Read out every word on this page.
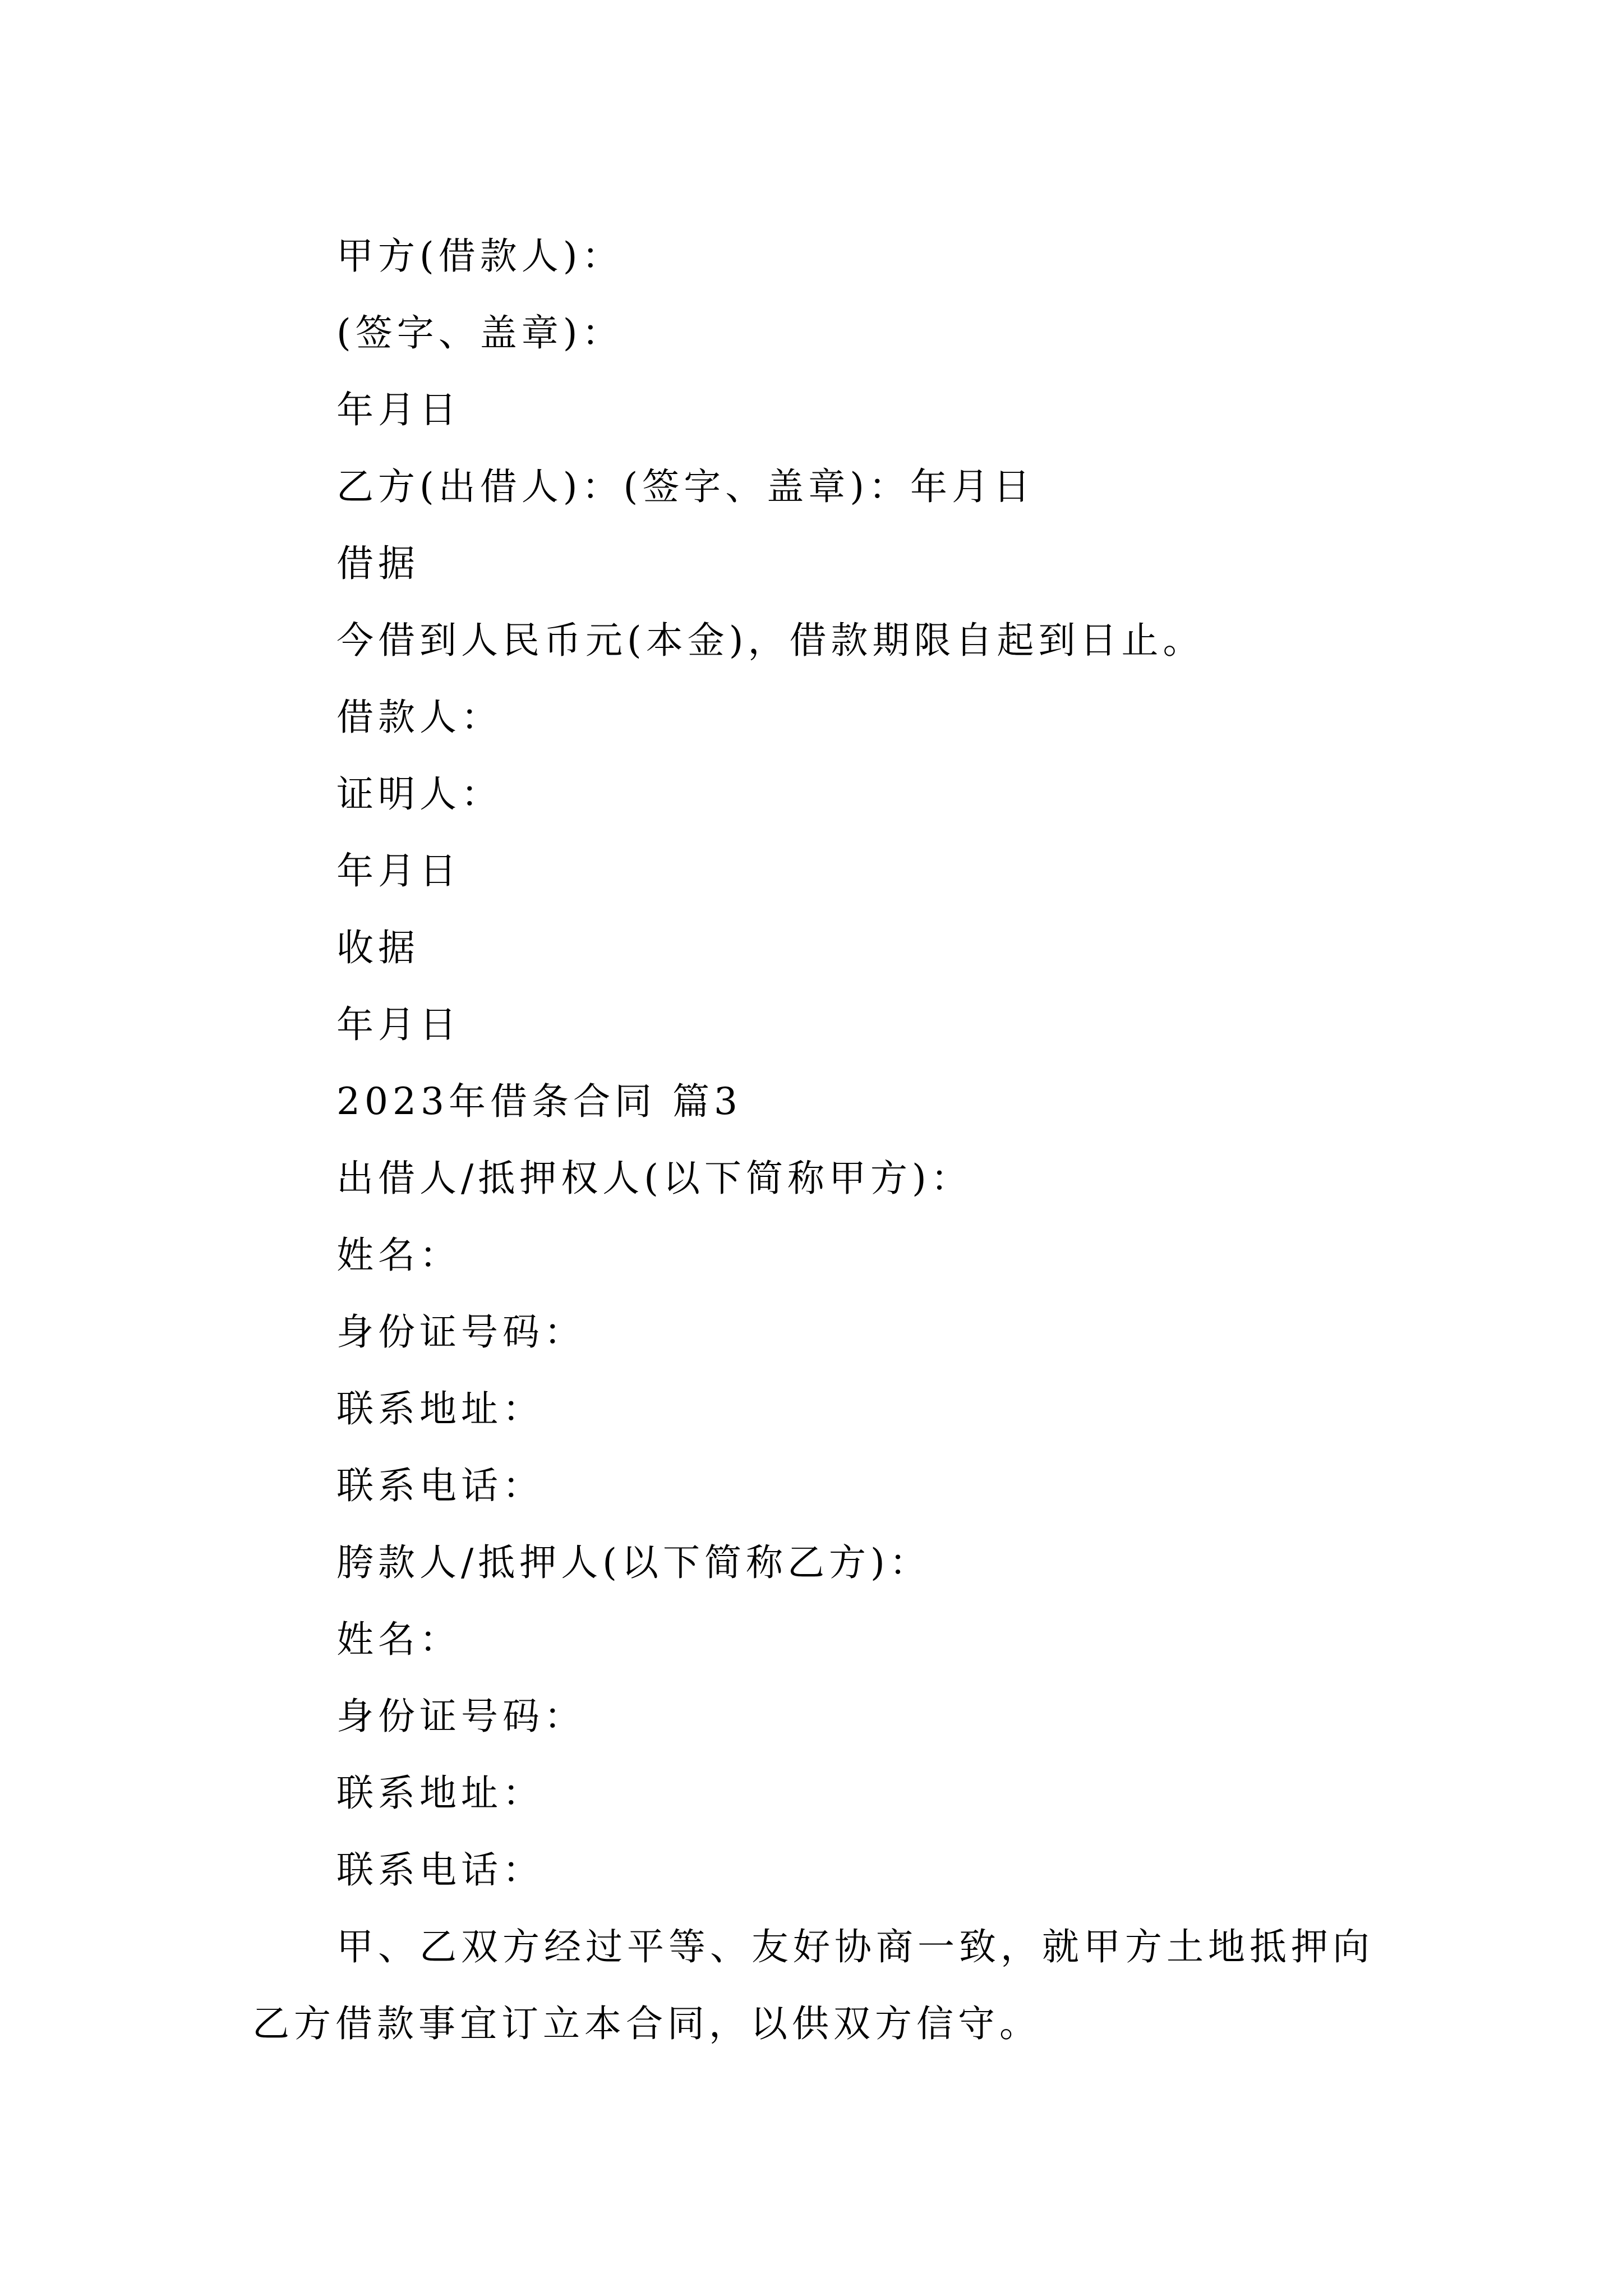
甲方(借款人)：
(签字、盖章)：
年月日
乙方(出借人)：(签字、盖章)：年月日
借据
今借到人民币元(本金)，借款期限自起到日止。
借款人：
证明人：
年月日
收据
年月日
2023年借条合同 篇3
出借人/抵押权人(以下简称甲方)：
姓名：
身份证号码：
联系地址：
联系电话：
胯款人/抵押人(以下简称乙方)：
姓名：
身份证号码：
联系地址：
联系电话：
甲、乙双方经过平等、友好协商一致，就甲方土地抵押向乙方借款事宜订立本合同，以供双方信守。
